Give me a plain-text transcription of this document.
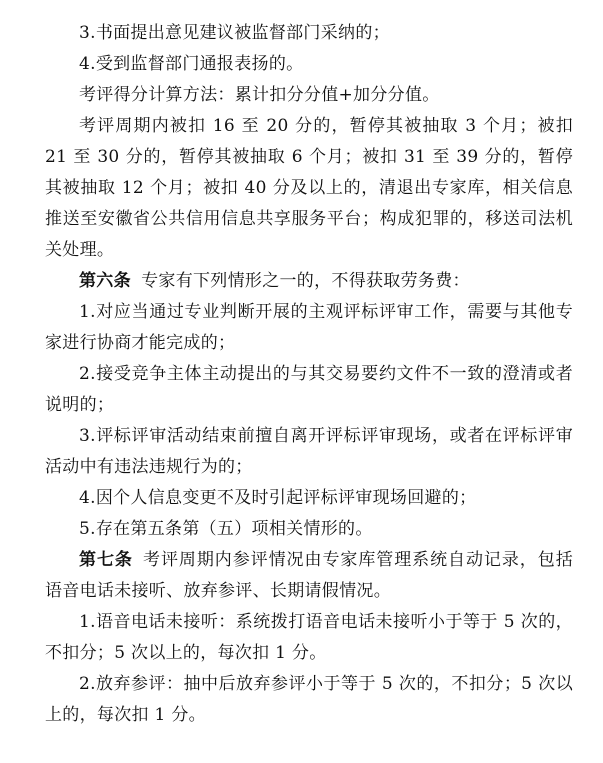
3.书面提出意见建议被监督部门采纳的；

4.受到监督部门通报表扬的。

考评得分计算方法：累计扣分分值+加分分值。

考评周期内被扣 16 至 20 分的，暂停其被抽取 3 个月；被扣 21 至 30 分的，暂停其被抽取 6 个月；被扣 31 至 39 分的，暂停其被抽取 12 个月；被扣 40 分及以上的，清退出专家库，相关信息推送至安徽省公共信用信息共享服务平台；构成犯罪的，移送司法机关处理。

第六条 专家有下列情形之一的，不得获取劳务费：

1.对应当通过专业判断开展的主观评标评审工作，需要与其他专家进行协商才能完成的；

2.接受竞争主体主动提出的与其交易要约文件不一致的澄清或者说明的；

3.评标评审活动结束前擅自离开评标评审现场，或者在评标评审活动中有违法违规行为的；

4.因个人信息变更不及时引起评标评审现场回避的；

5.存在第五条第（五）项相关情形的。

第七条 考评周期内参评情况由专家库管理系统自动记录，包括语音电话未接听、放弃参评、长期请假情况。

1.语音电话未接听：系统拨打语音电话未接听小于等于 5 次的，不扣分；5 次以上的，每次扣 1 分。

2.放弃参评：抽中后放弃参评小于等于 5 次的，不扣分；5 次以上的，每次扣 1 分。
